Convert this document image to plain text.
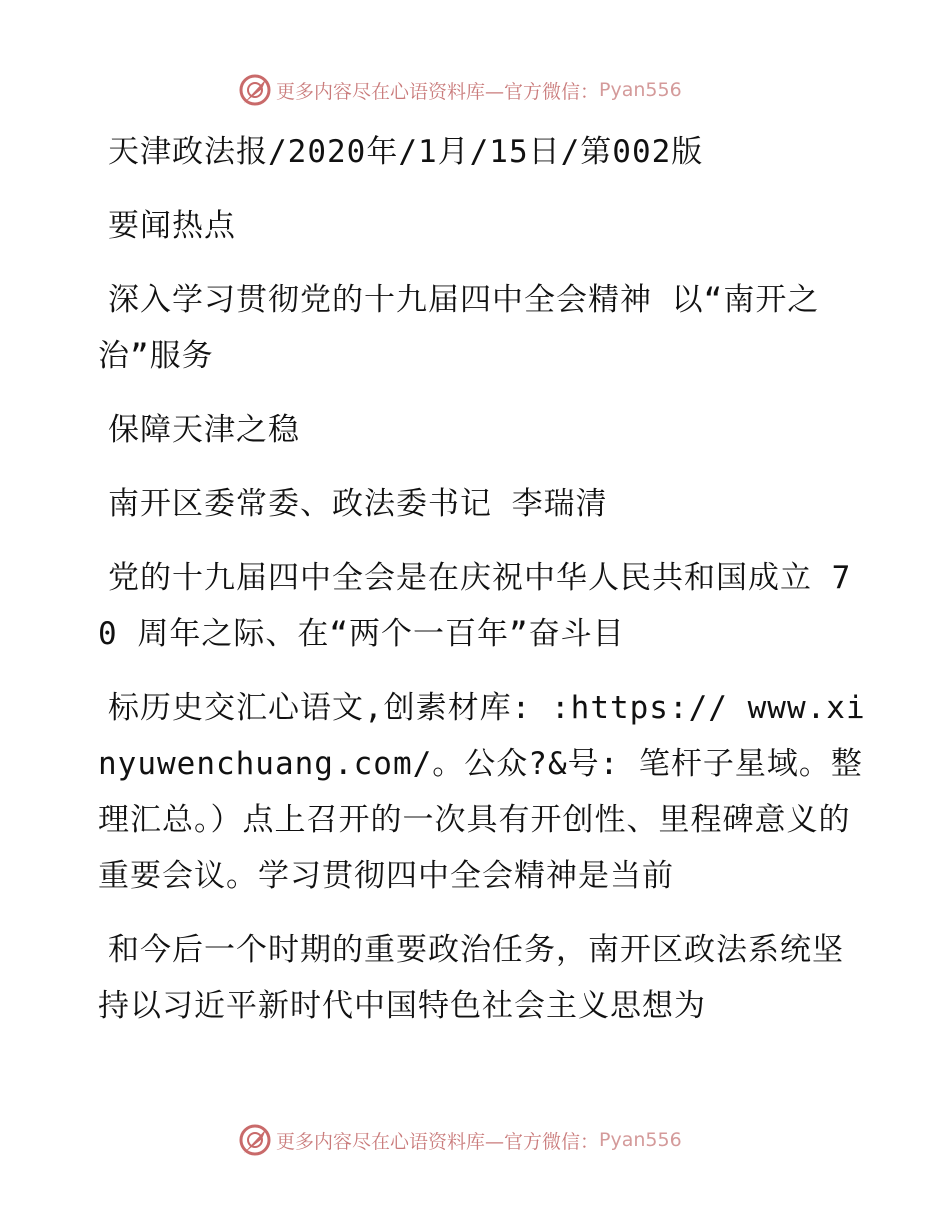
更多内容尽在心语资料库—官方微信： Pyan556

天津政法报/2020年/1月/15日/第002版

要闻热点

深入学习贯彻党的十九届四中全会精神 以“南开之治”服务

保障天津之稳

南开区委常委、政法委书记 李瑞清

党的十九届四中全会是在庆祝中华人民共和国成立 70 周年之际、在“两个一百年”奋斗目

标历史交汇心语文,创素材库: :https:// www.xinyuwenchuang.com/。公众?&号: 笔杆子星域。整理汇总。）点上召开的一次具有开创性、里程碑意义的重要会议。学习贯彻四中全会精神是当前

和今后一个时期的重要政治任务，南开区政法系统坚持以习近平新时代中国特色社会主义思想为

更多内容尽在心语资料库—官方微信： Pyan556
